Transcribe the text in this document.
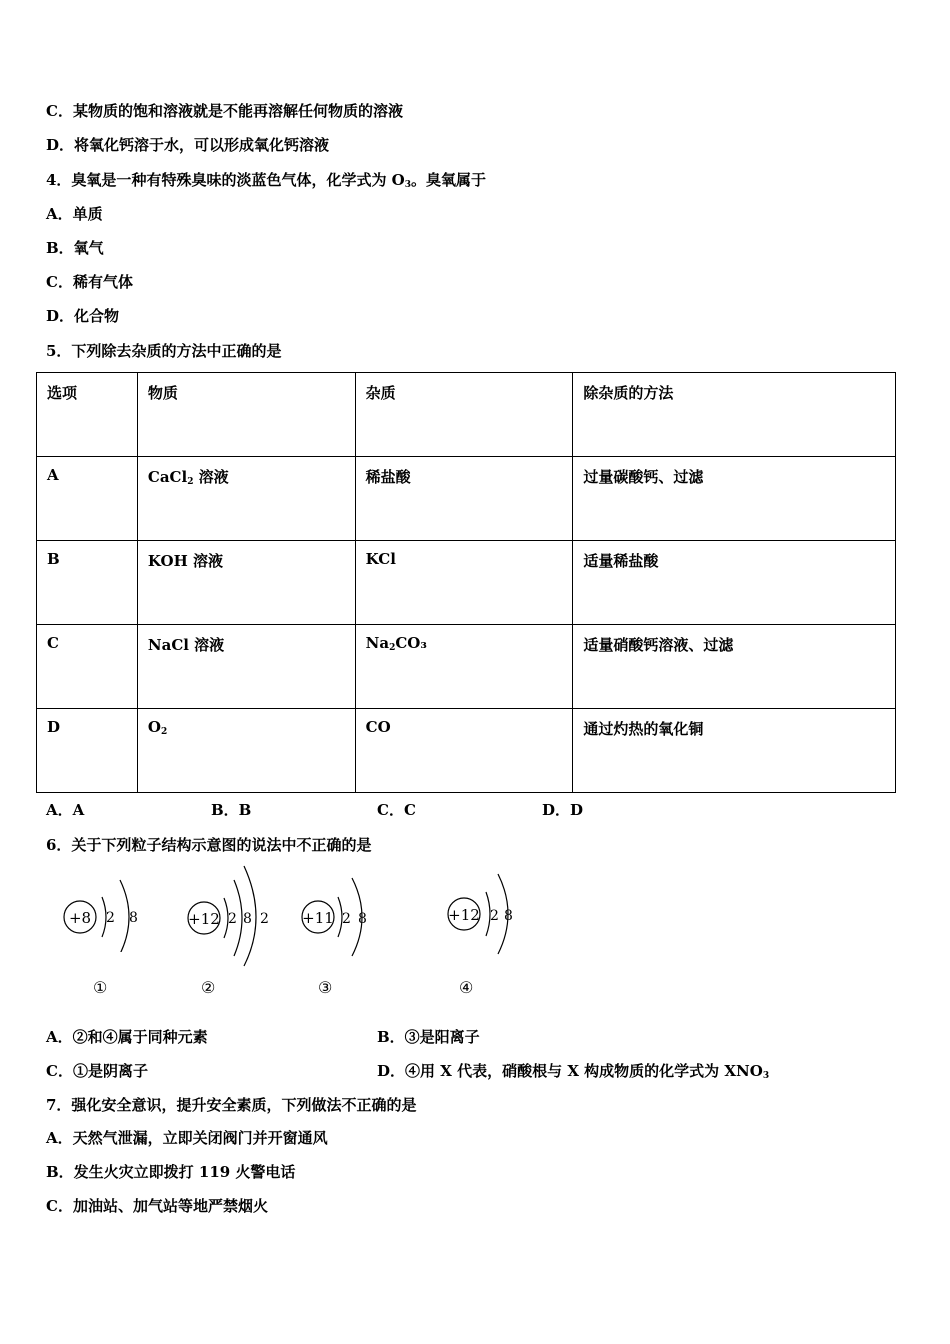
C．某物质的饱和溶液就是不能再溶解任何物质的溶液
D．将氧化钙溶于水，可以形成氧化钙溶液
4．臭氧是一种有特殊臭味的淡蓝色气体，化学式为 $O_3$。臭氧属于
A．单质
B．氧气
C．稀有气体
D．化合物
5．下列除去杂质的方法中正确的是
选项	物质	杂质	除杂质的方法
A	CaCl$_2$ 溶液	稀盐酸	过量碳酸钙、过滤
B	KOH 溶液	KCl	适量稀盐酸
C	NaCl 溶液	$Na_2CO_3$	适量硝酸钙溶液、过滤
D	$O_2$	CO	通过灼热的氧化铜
A．A	B．B	C．C	D．D
6．关于下列粒子结构示意图的说法中不正确的是
+8 2 8	+12 2 8 2 +11 2 8	+12 2 8
①	②	③	④
A．②和④属于同种元素	B．③是阳离子
C．①是阴离子	D．④用 X 代表，硝酸根与 X 构成物质的化学式为 $XNO_3$
7．强化安全意识，提升安全素质，下列做法不正确的是
A．天然气泄漏，立即关闭阀门并开窗通风
B．发生火灾立即拨打 119 火警电话
C．加油站、加气站等地严禁烟火
